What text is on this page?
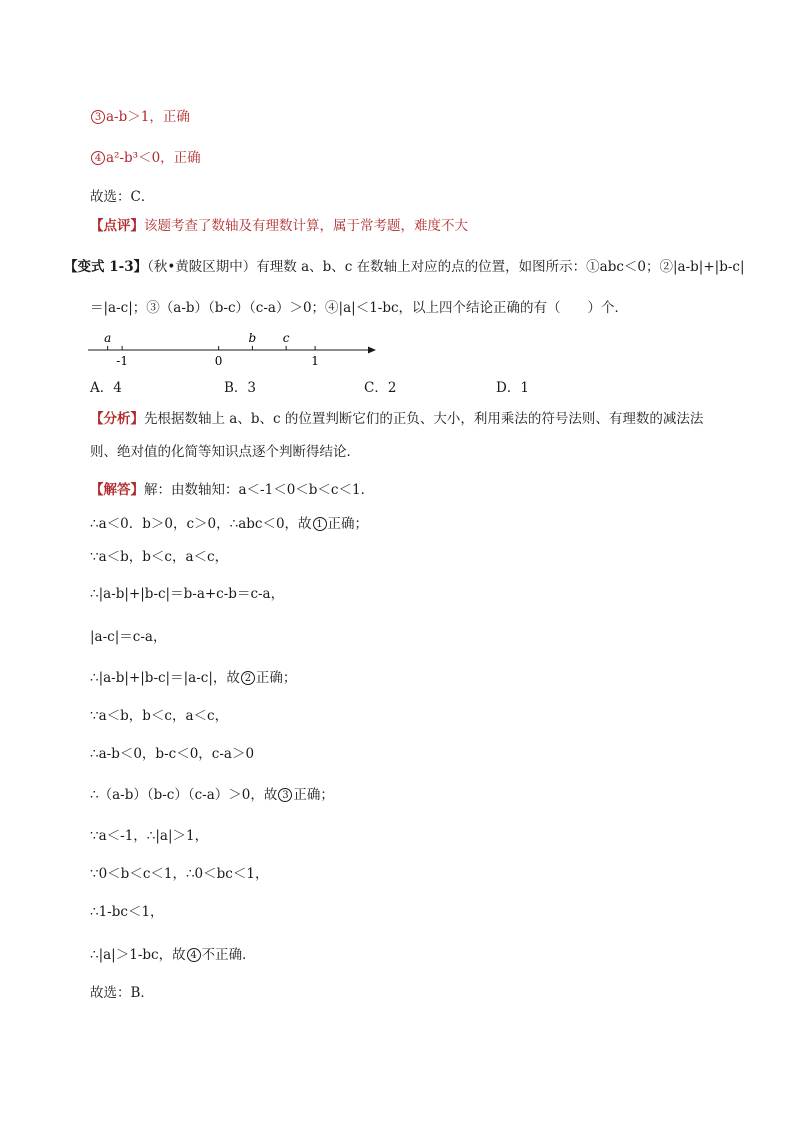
3 a-b＞1，正确
4 a²-b³＜0，正确
故选：C．
【点评】该题考查了数轴及有理数计算，属于常考题，难度不大
【变式 1-3】（秋•黄陂区期中）有理数 a、b、c 在数轴上对应的点的位置，如图所示：①abc＜0；②|a-b|+|b-c|
＝|a-c|；③（a-b）（b-c）（c-a）＞0；④|a|＜1-bc，以上四个结论正确的有（　　）个．
-1	0	1
a	b c
A．4	B．3	C．2	D．1
【分析】先根据数轴上 a、b、c 的位置判断它们的正负、大小，利用乘法的符号法则、有理数的减法法
则、绝对值的化简等知识点逐个判断得结论．
【解答】解：由数轴知：a＜-1＜0＜b＜c＜1．
∴a＜0．b＞0，c＞0，∴abc＜0，故 1 正确；
∵a＜b，b＜c，a＜c，
∴|a-b|+|b-c|＝b-a+c-b＝c-a，
|a-c|＝c-a，
∴|a-b|+|b-c|＝|a-c|，故 2 正确；
∵a＜b，b＜c，a＜c，
∴a-b＜0，b-c＜0，c-a＞0
∴（a-b）（b-c）（c-a）＞0，故 3 正确；
∵a＜-1，∴|a|＞1，
∵0＜b＜c＜1，∴0＜bc＜1，
∴1-bc＜1，
∴|a|＞1-bc，故 4 不正确．
故选：B．
